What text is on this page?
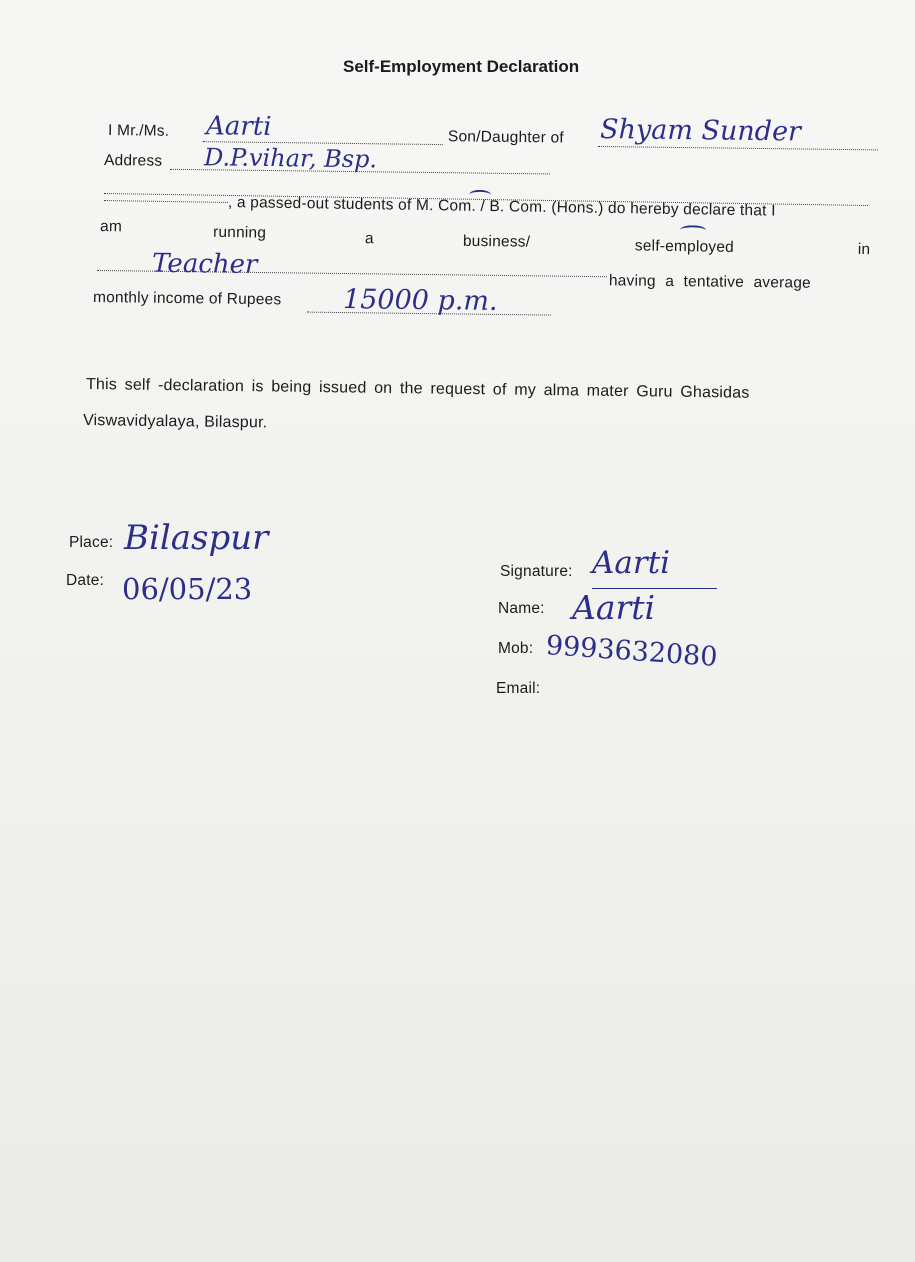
Self-Employment Declaration
I Mr./Ms. Aarti	Son/Daughter of Shyam Sunder
Address D.P.vihar, Bsp.
, a passed-out students of M. Com. / B. Com. (Hons.) do hereby declare that I
am	running	a	business/	self-employed	in
Teacher
having a tentative average
monthly income of Rupees 15000 p.m.
This self -declaration is being issued on the request of my alma mater Guru Ghasidas
Viswavidyalaya, Bilaspur.
Place: Bilaspur
Date: 06/05/23
Signature: Aarti
Name: Aarti
Mob: 9993632080
Email:
